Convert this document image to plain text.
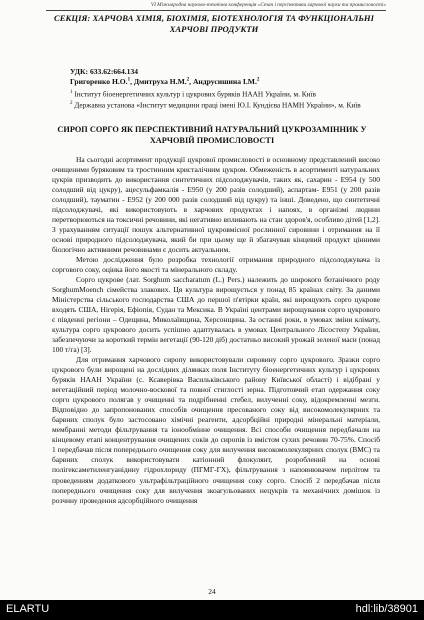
VI Міжнародна науково-технічна конференція «Стан і перспективи харчової науки та промисловості»
СЕКЦІЯ: ХАРЧОВА ХІМІЯ, БІОХІМІЯ, БІОТЕХНОЛОГІЯ ТА ФУНКЦІОНАЛЬНІ ХАРЧОВІ ПРОДУКТИ
УДК: 633.62:664.134
Григоренко Н.О.$^1$, Дмитруха Н.М.$^2$, Андрусишина І.М.$^2$
$^1$ Інститут біоенергетичних культур і цукрових буряків НААН України, м. Київ
$^2$ Державна установа «Інститут медицини праці імені Ю.І. Кундієва НАМН України», м. Київ
СИРОП СОРГО ЯК ПЕРСПЕКТИВНИЙ НАТУРАЛЬНИЙ ЦУКРОЗАМІННИК У ХАРЧОВІЙ ПРОМИСЛОВОСТІ

На сьогодні асортимент продукції цукрової промисловості в основному представлений високо очищеними буряковим та тростинним кристалічним цукром. Обмеженість в асортименті натуральних цукрів призводить до використання синтетичних підсолоджувачів, таких як, сахарин - Е954 (у 500 солодший від цукру), ацесульфамкалія - Е950 (у 200 разів солодший), аспартам- Е951 (у 200 разів солодший), тауматин - Е952 (у 200 000 разів солодший від цукру) та інші. Доведено, що синтетичні підсолоджувачі, які використовують в харчових продуктах і напоях, в організмі людини перетворюються на токсичні речовини, які негативно впливають на стан здоров'я, особливо дітей [1,2]. З урахуванням ситуації пошук альтернативної цукровмісної рослинної сировини і отримання на її основі природного підсолоджувача, який би при цьому ще й збагачував кінцевий продукт цінними біологічно активними речовинами є досить актуальним.

Метою дослідження було розробка технології отримання природного підсолоджувача із соргового соку, оцінка його якості та мінерального складу.

Сорго цукрове (лат. Sorghum saccharatum (L.) Pers.) належить до широкого ботанічного роду SorghumMoench сімейства злакових. Ця культура вирощується у понад 85 країнах світу. За даними Міністерства сільського господарства США до першої п'ятірки країн, які вирощують сорго цукрове входять США, Нігерія, Ефіопія, Судан та Мексика. В Україні центрами вирощування сорго цукрового є південні регіони – Одещина, Миколаївщина, Херсонщина. За останні роки, в умовах зміни клімату, культура сорго цукрового досить успішно адаптувалась в умовах Центрального Лісостепу України, забезпечуючи за короткий термін вегетації (90-120 діб) достатньо високий урожай зеленої маси (понад 100 т/га) [3].

Для отримання харчового сиропу використовували сировину сорго цукрового. Зразки сорго цукрового були вирощені на дослідних ділянках поля Інституту біоенергетичних культур і цукрових буряків НААН України (с. Ксаверівка Васильківського району Київської області) і відібрані у вегетаційний період молочно-воскової та повної стиглості зерна. Підготовчий етап одержання соку сорго цукрового полягав у очищенні та подрібненні стебел, вилученні соку, відокремленні мезги. Відповідно до запропонованих способів очищення пресованого соку від високомолекулярних та барвних сполук було застосовано хімічні реагенти, адсорбційні природні мінеральні матеріали, мембранні методи фільтрування та іонообмінне очищення. Всі способи очищення передбачали на кінцевому етапі концентрування очищених соків до сиропів із вмістом сухих речовин 70-75%. Спосіб 1 передбачав після попереднього очищення соку для вилучення високомолекулярних сполук (ВМС) та барвних сполук використовувати катіонний флокулянт, розроблений на основі полігексаметиленгуанідину гідрохлориду (ПГМГ-ГХ), фільтрування з наповнювачем перлітом та проведенням додаткового ультрафільтраційного очищення соку сорго. Спосіб 2 передбачав після попереднього очищення соку для вилучення зкоагульованих нецукрів та механічних домішок із розчину проведення адсорбційного очищення

24
ELARTU	hdl:lib/38901
